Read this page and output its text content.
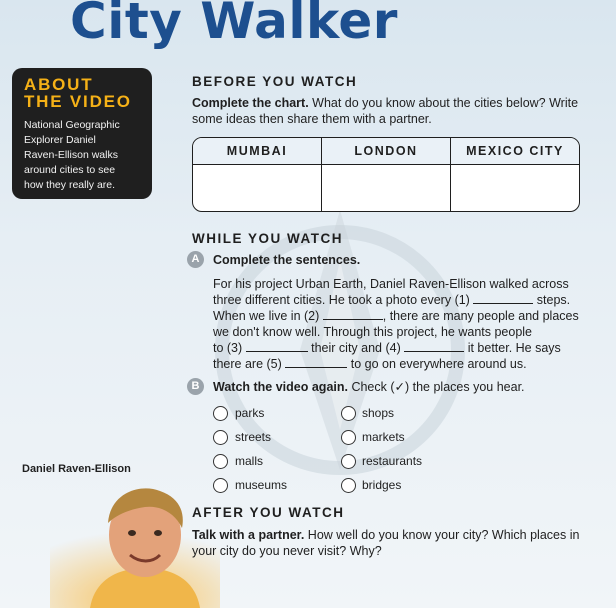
City Walker
ABOUT
THE VIDEO
National Geographic
Explorer Daniel
Raven-Ellison walks
around cities to see
how they really are.
BEFORE YOU WATCH
Complete the chart. What do you know about the cities below? Write
some ideas then share them with a partner.
MUMBAI	LONDON	MEXICO CITY
WHILE YOU WATCH
A	Complete the sentences.
For his project Urban Earth, Daniel Raven-Ellison walked across
three different cities. He took a photo every (1)	steps.
When we live in (2)	, there are many people and places
we don't know well. Through this project, he wants people
to (3)	their city and (4)	it better. He says
there are (5)	to go on everywhere around us.
B	Watch the video again. Check (✓) the places you hear.
parks
streets
malls
museums
shops
markets
restaurants
bridges
Daniel Raven-Ellison
AFTER YOU WATCH
Talk with a partner. How well do you know your city? Which places in
your city do you never visit? Why?
